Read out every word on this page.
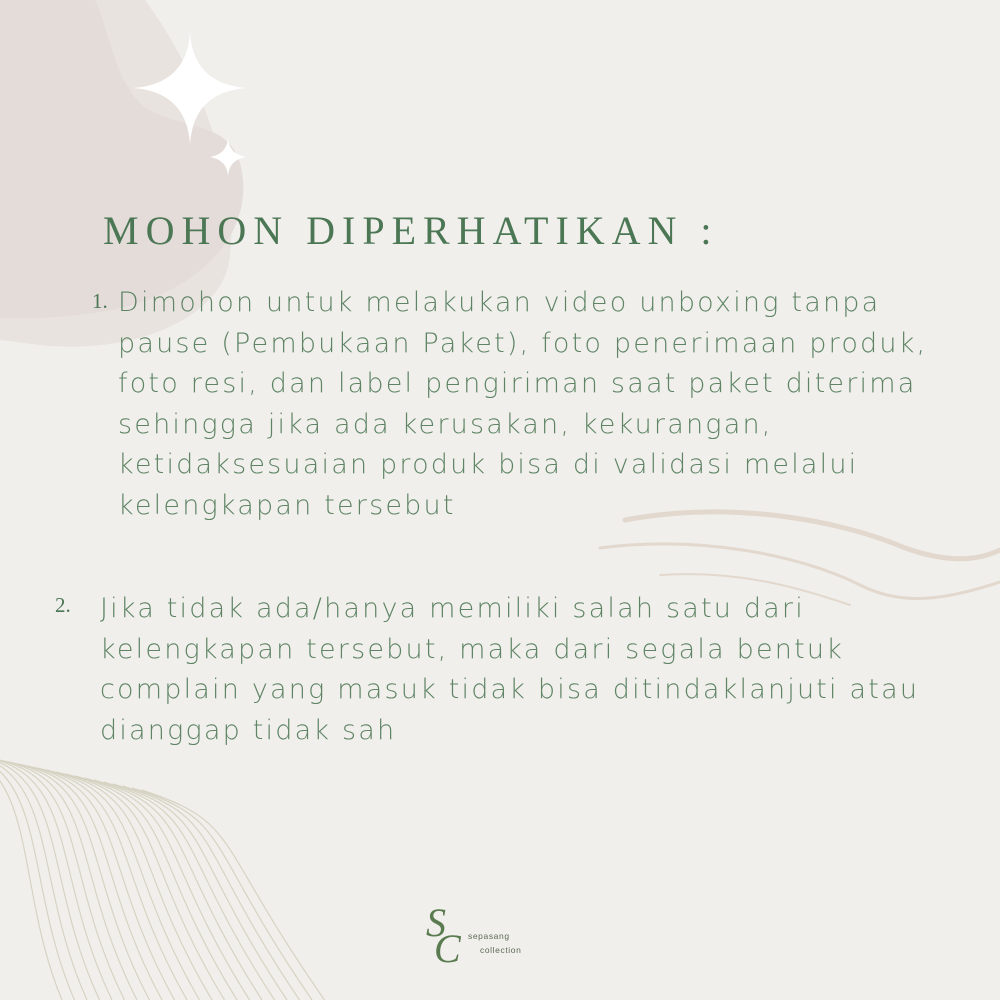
MOHON DIPERHATIKAN :
1. Dimohon untuk melakukan video unboxing tanpa pause (Pembukaan Paket), foto penerimaan produk, foto resi, dan label pengiriman saat paket diterima sehingga jika ada kerusakan, kekurangan, ketidaksesuaian produk bisa di validasi melalui kelengkapan tersebut

2. Jika tidak ada/hanya memiliki salah satu dari kelengkapan tersebut, maka dari segala bentuk complain yang masuk tidak bisa ditindaklanjuti atau dianggap tidak sah

S
C sepasang
collection
